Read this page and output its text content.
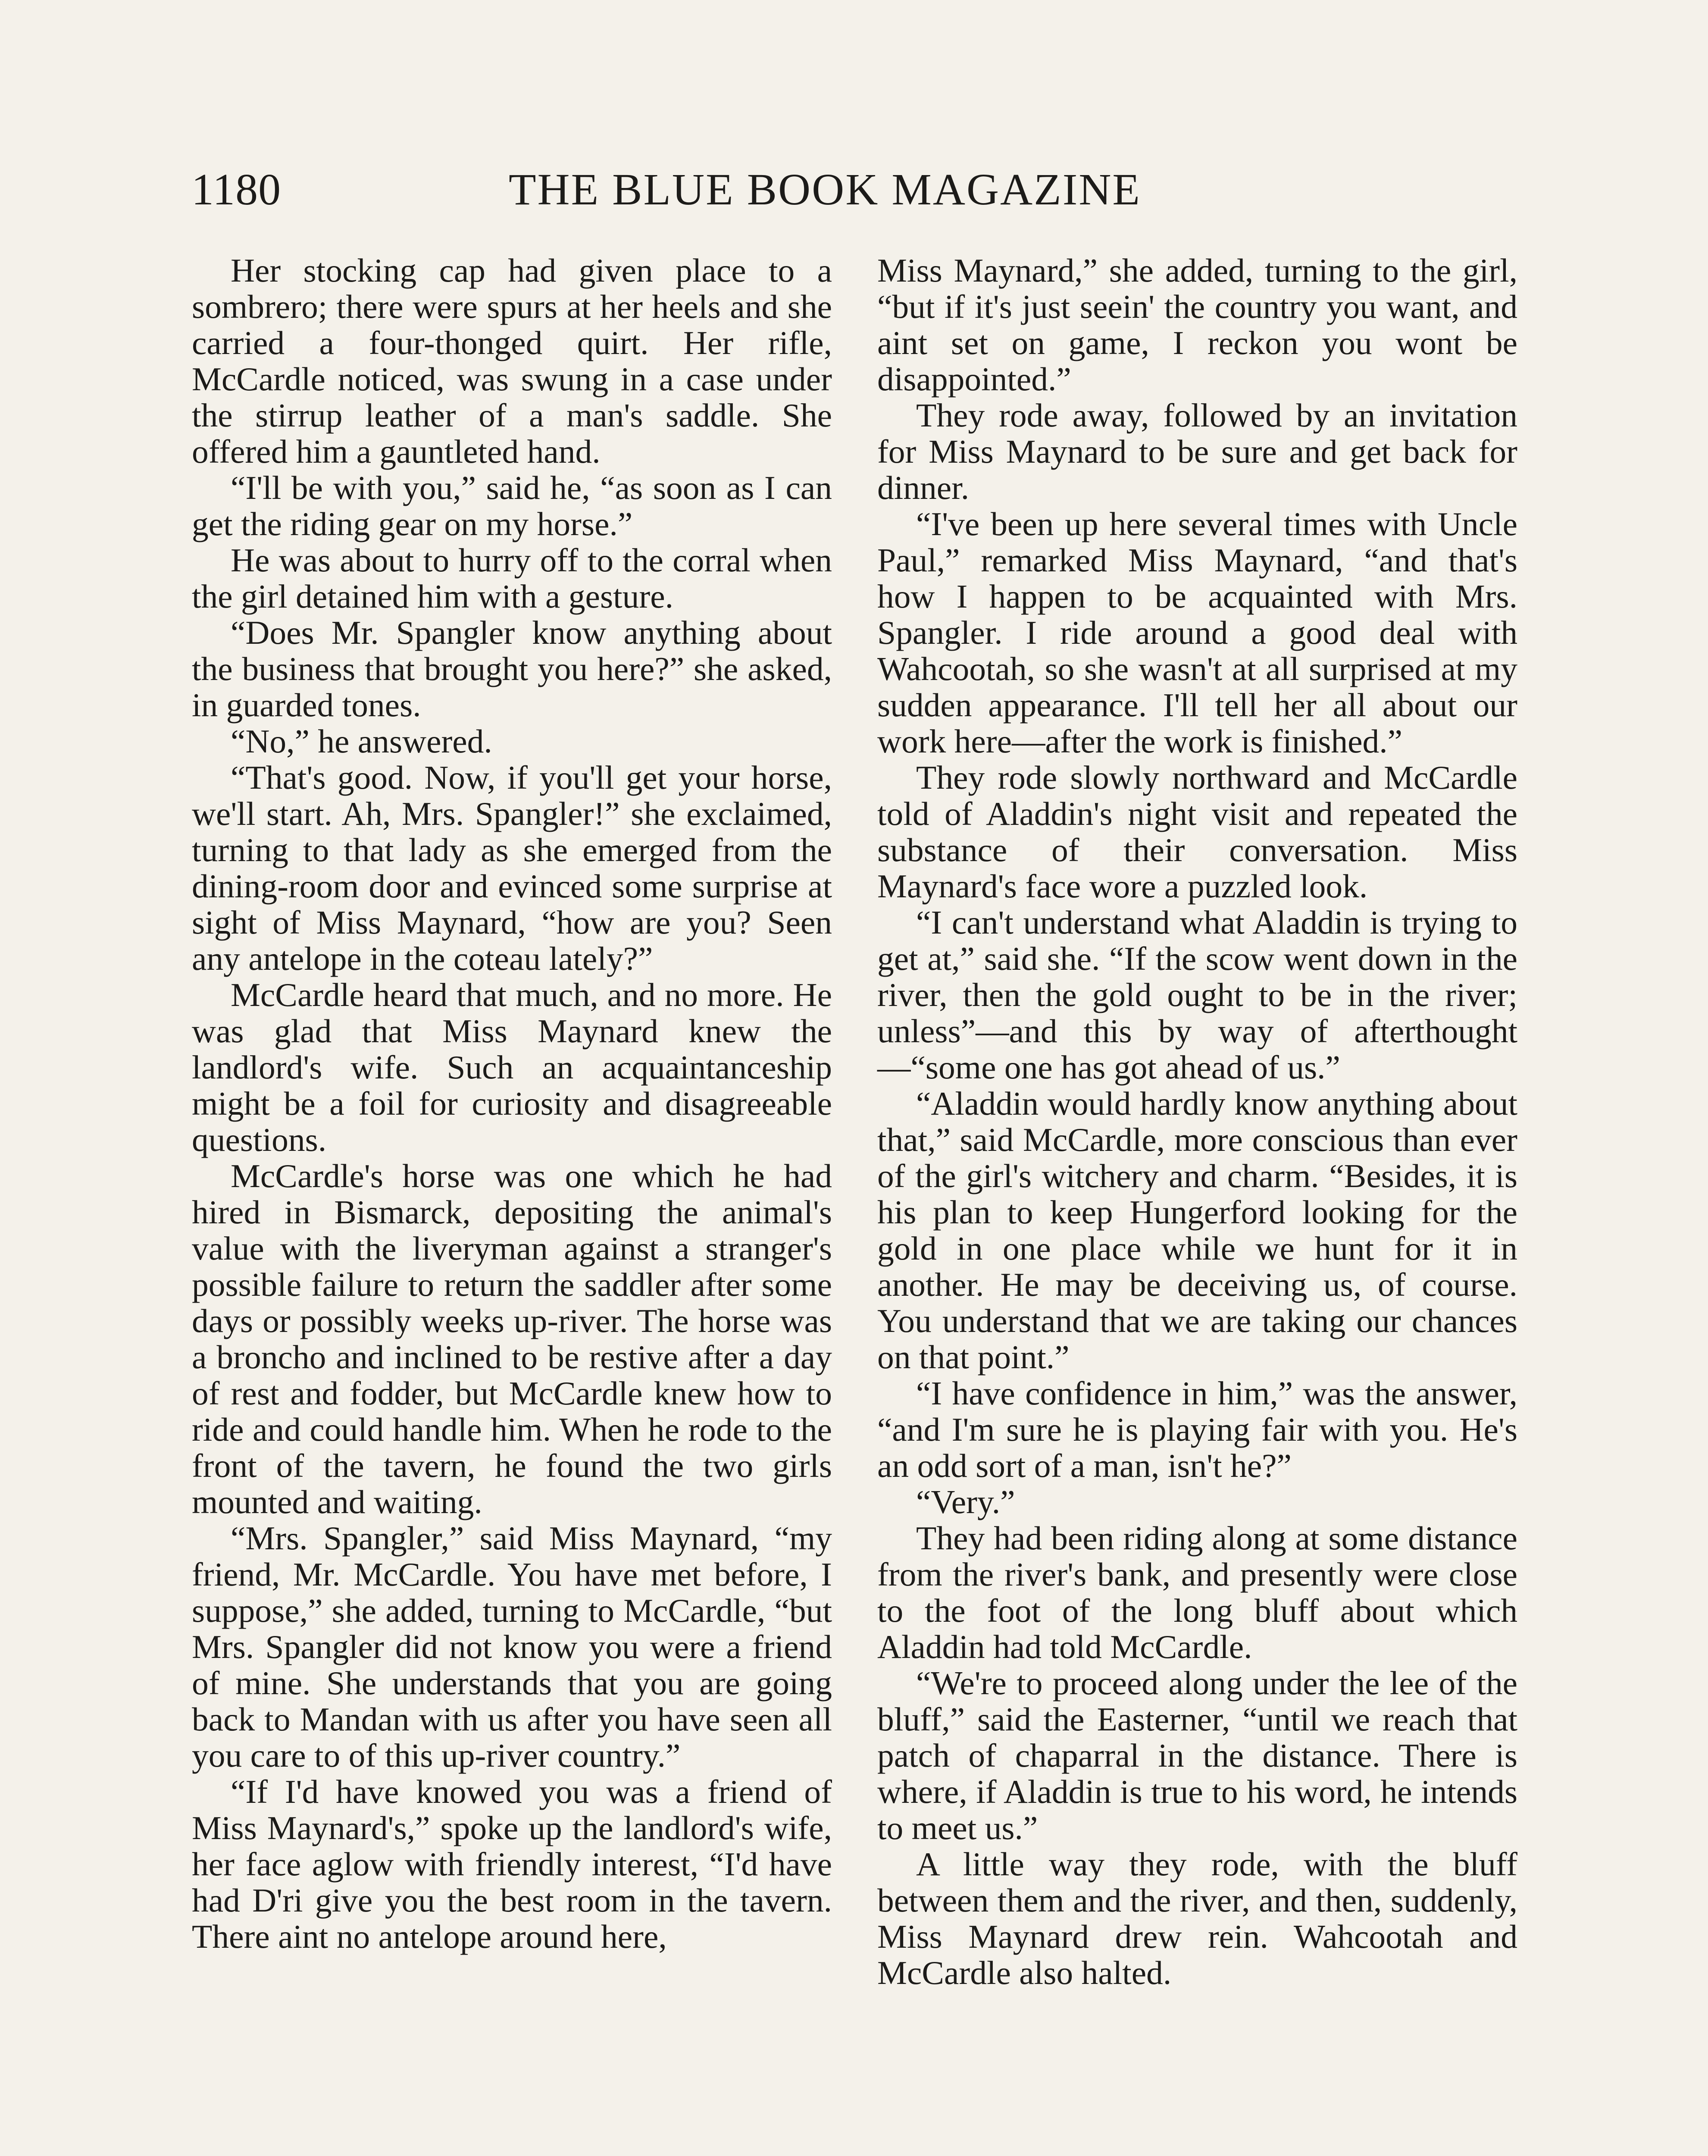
1180	THE BLUE BOOK MAGAZINE

Her stocking cap had given place to a sombrero; there were spurs at her heels and she carried a four-thonged quirt. Her rifle, McCardle noticed, was swung in a case under the stirrup leather of a man's saddle. She offered him a gauntleted hand.

“I'll be with you,” said he, “as soon as I can get the riding gear on my horse.”

He was about to hurry off to the corral when the girl detained him with a gesture.

“Does Mr. Spangler know anything about the business that brought you here?” she asked, in guarded tones.

“No,” he answered.

“That's good. Now, if you'll get your horse, we'll start. Ah, Mrs. Spangler!” she exclaimed, turning to that lady as she emerged from the dining-room door and evinced some surprise at sight of Miss Maynard, “how are you? Seen any antelope in the coteau lately?”

McCardle heard that much, and no more. He was glad that Miss Maynard knew the landlord's wife. Such an acquaintanceship might be a foil for curiosity and disagreeable questions.

McCardle's horse was one which he had hired in Bismarck, depositing the animal's value with the liveryman against a stranger's possible failure to return the saddler after some days or possibly weeks up-river. The horse was a broncho and inclined to be restive after a day of rest and fodder, but McCardle knew how to ride and could handle him. When he rode to the front of the tavern, he found the two girls mounted and waiting.

“Mrs. Spangler,” said Miss Maynard, “my friend, Mr. McCardle. You have met before, I suppose,” she added, turning to McCardle, “but Mrs. Spangler did not know you were a friend of mine. She understands that you are going back to Mandan with us after you have seen all you care to of this up-river country.”

“If I'd have knowed you was a friend of Miss Maynard's,” spoke up the landlord's wife, her face aglow with friendly interest, “I'd have had D'ri give you the best room in the tavern. There aint no antelope around here,

Miss Maynard,” she added, turning to the girl, “but if it's just seein' the country you want, and aint set on game, I reckon you wont be disappointed.”

They rode away, followed by an invitation for Miss Maynard to be sure and get back for dinner.

“I've been up here several times with Uncle Paul,” remarked Miss Maynard, “and that's how I happen to be acquainted with Mrs. Spangler. I ride around a good deal with Wahcootah, so she wasn't at all surprised at my sudden appearance. I'll tell her all about our work here—after the work is finished.”

They rode slowly northward and McCardle told of Aladdin's night visit and repeated the substance of their conversation. Miss Maynard's face wore a puzzled look.

“I can't understand what Aladdin is trying to get at,” said she. “If the scow went down in the river, then the gold ought to be in the river; unless”—and this by way of afterthought—“some one has got ahead of us.”

“Aladdin would hardly know anything about that,” said McCardle, more conscious than ever of the girl's witchery and charm. “Besides, it is his plan to keep Hungerford looking for the gold in one place while we hunt for it in another. He may be deceiving us, of course. You understand that we are taking our chances on that point.”

“I have confidence in him,” was the answer, “and I'm sure he is playing fair with you. He's an odd sort of a man, isn't he?”

“Very.”

They had been riding along at some distance from the river's bank, and presently were close to the foot of the long bluff about which Aladdin had told McCardle.

“We're to proceed along under the lee of the bluff,” said the Easterner, “until we reach that patch of chaparral in the distance. There is where, if Aladdin is true to his word, he intends to meet us.”

A little way they rode, with the bluff between them and the river, and then, suddenly, Miss Maynard drew rein. Wahcootah and McCardle also halted.
